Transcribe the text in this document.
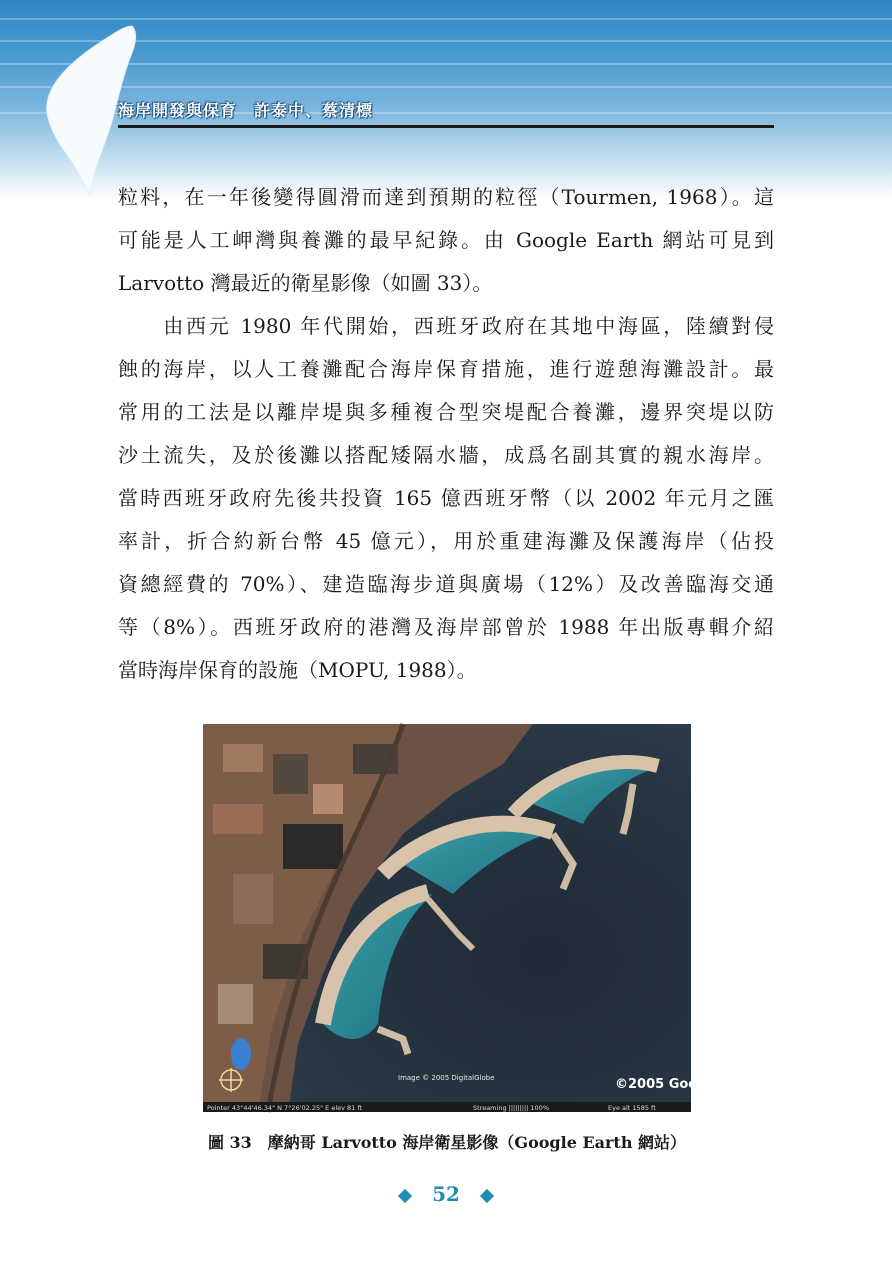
海岸開發與保育　許泰中、蔡清標

粒料，在一年後變得圓滑而達到預期的粒徑（Tourmen, 1968）。這

可能是人工岬灣與養灘的最早紀錄。由 Google Earth 網站可見到

Larvotto 灣最近的衛星影像（如圖 33）。

　　由西元 1980 年代開始，西班牙政府在其地中海區，陸續對侵

蝕的海岸，以人工養灘配合海岸保育措施，進行遊憩海灘設計。最

常用的工法是以離岸堤與多種複合型突堤配合養灘，邊界突堤以防

沙土流失，及於後灘以搭配矮隔水牆，成爲名副其實的親水海岸。

當時西班牙政府先後共投資 165 億西班牙幣（以 2002 年元月之匯

率計，折合約新台幣 45 億元），用於重建海灘及保護海岸（佔投

資總經費的 70%）、建造臨海步道與廣場（12%）及改善臨海交通

等（8%）。西班牙政府的港灣及海岸部曾於 1988 年出版專輯介紹

當時海岸保育的設施（MOPU, 1988）。

Image © 2005 DigitalGlobe	©2005 Google
Pointer 43°44'46.34" N 7°26'02.25" E elev 81 ft	Streaming ||||||||| 100%	Eye alt 1585 ft
圖 33　摩納哥 Larvotto 海岸衛星影像（Google Earth 網站）
52
